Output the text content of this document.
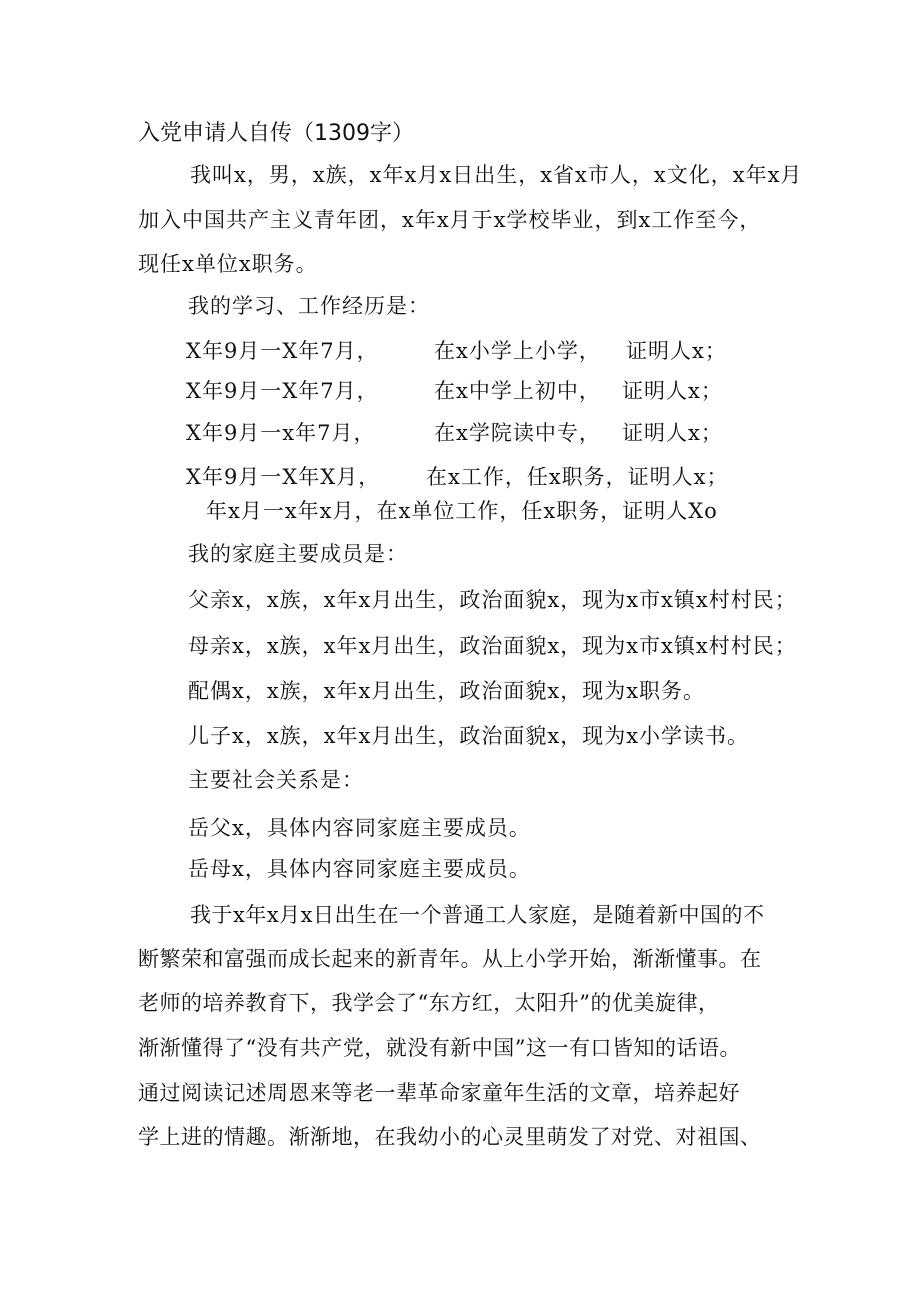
入党申请人自传（1309字）
我叫x，男，x族，x年x月x日出生，x省x市人，x文化，x年x月
加入中国共产主义青年团，x年x月于x学校毕业，到x工作至今，
现任x单位x职务。
我的学习、工作经历是：
X年9月一X年7月，	在x小学上小学， 证明人x；
X年9月一X年7月，	在x中学上初中， 证明人x；
X年9月一x年7月，	在x学院读中专， 证明人x；
X年9月一X年X月， 在x工作，任x职务，证明人x；
年x月一x年x月，在x单位工作，任x职务，证明人Xo
我的家庭主要成员是：
父亲x，x族，x年x月出生，政治面貌x，现为x市x镇x村村民；
母亲x，x族，x年x月出生，政治面貌x，现为x市x镇x村村民；
配偶x，x族，x年x月出生，政治面貌x，现为x职务。
儿子x，x族，x年x月出生，政治面貌x，现为x小学读书。
主要社会关系是：
岳父x，具体内容同家庭主要成员。
岳母x，具体内容同家庭主要成员。
我于x年x月x日出生在一个普通工人家庭，是随着新中国的不
断繁荣和富强而成长起来的新青年。从上小学开始，渐渐懂事。在
老师的培养教育下，我学会了“东方红，太阳升”的优美旋律，
渐渐懂得了“没有共产党，就没有新中国”这一有口皆知的话语。
通过阅读记述周恩来等老一辈革命家童年生活的文章，培养起好
学上进的情趣。渐渐地，在我幼小的心灵里萌发了对党、对祖国、
